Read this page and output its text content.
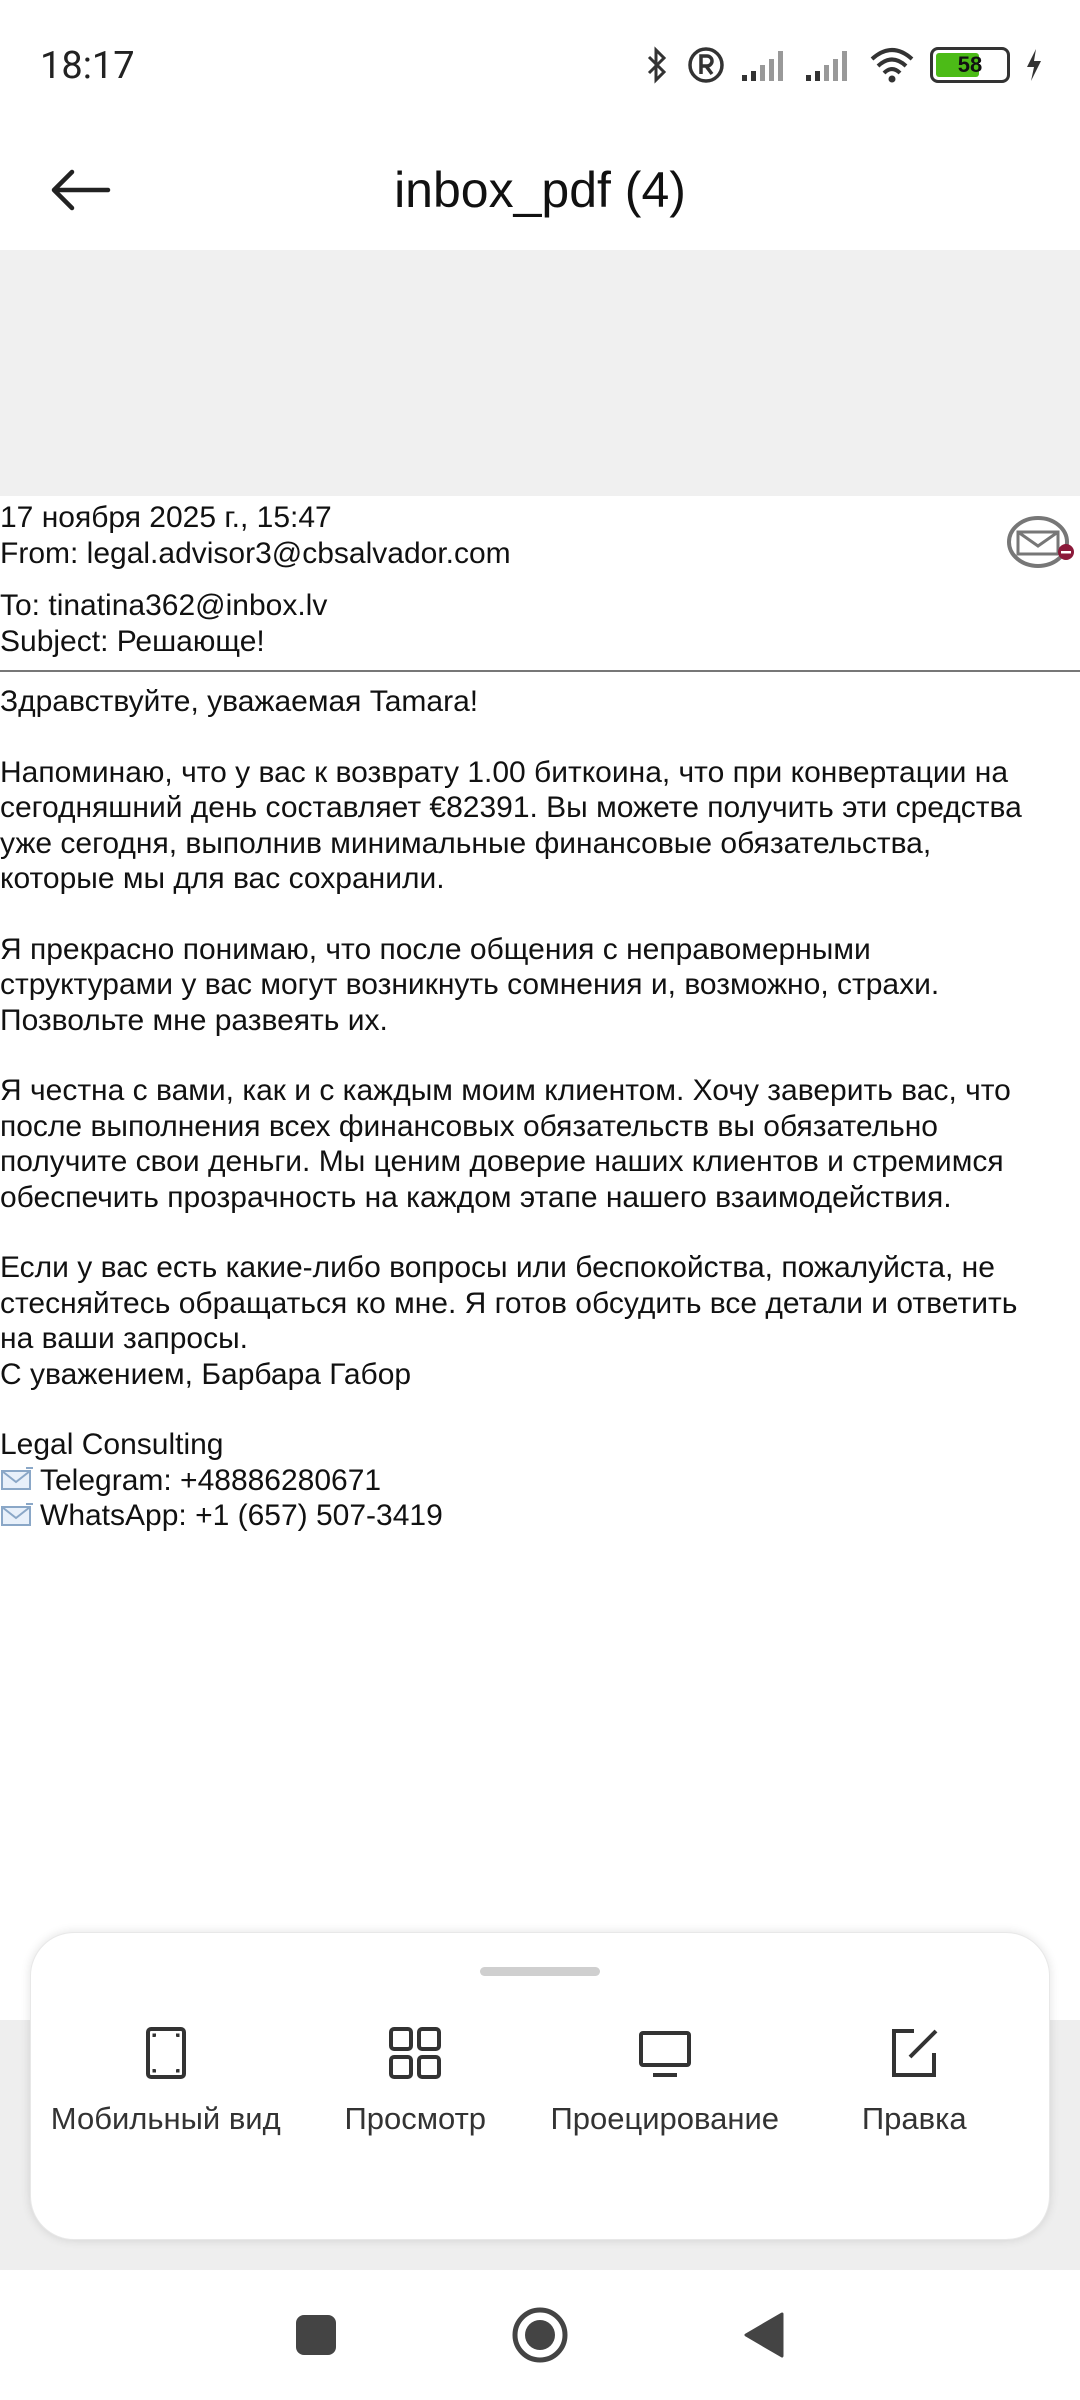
18:17	58
inbox_pdf (4)
17 ноября 2025 г., 15:47
From: legal.advisor3@cbsalvador.com
To: tinatina362@inbox.lv
Subject: Решающе!
Здравствуйте, уважаемая Tamara!
Напоминаю, что у вас к возврату 1.00 биткоина, что при конвертации на
сегодняшний день составляет €82391. Вы можете получить эти средства
уже сегодня, выполнив минимальные финансовые обязательства,
которые мы для вас сохранили.
Я прекрасно понимаю, что после общения с неправомерными
структурами у вас могут возникнуть сомнения и, возможно, страхи.
Позвольте мне развеять их.
Я честна с вами, как и с каждым моим клиентом. Хочу заверить вас, что
после выполнения всех финансовых обязательств вы обязательно
получите свои деньги. Мы ценим доверие наших клиентов и стремимся
обеспечить прозрачность на каждом этапе нашего взаимодействия.
Если у вас есть какие-либо вопросы или беспокойства, пожалуйста, не
стесняйтесь обращаться ко мне. Я готов обсудить все детали и ответить
на ваши запросы.
С уважением, Барбара Габор
Legal Consulting
Telegram: +48886280671
WhatsApp: +1 (657) 507-3419
Мобильный вид Просмотр Проецирование	Правка
